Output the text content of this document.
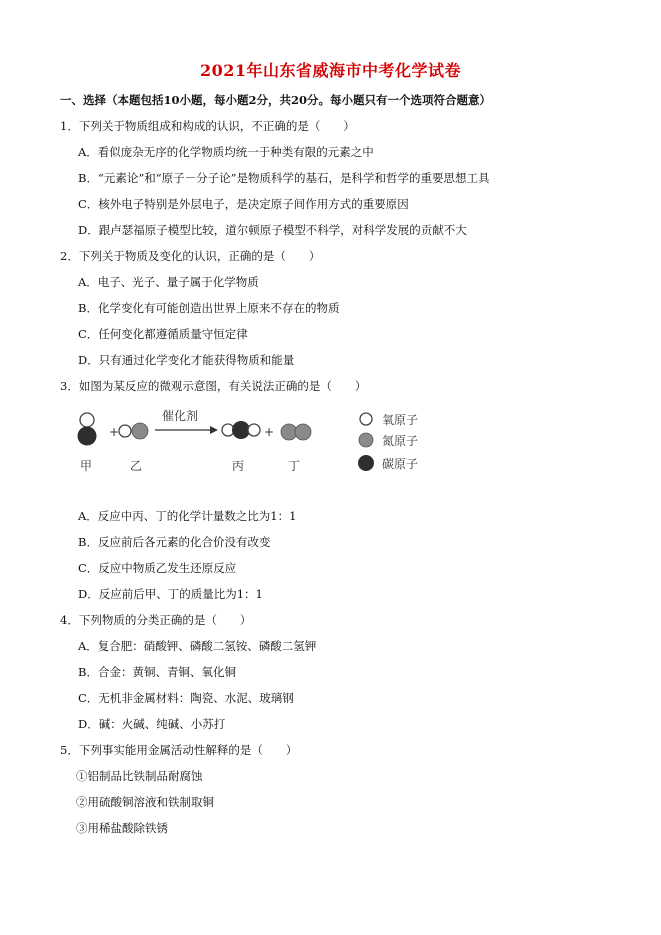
2021年山东省威海市中考化学试卷
一、选择（本题包括10小题，每小题2分，共20分。每小题只有一个选项符合题意）
1．下列关于物质组成和构成的认识，不正确的是（　　）
A．看似庞杂无序的化学物质均统一于种类有限的元素之中
B．“元素论”和“原子－分子论”是物质科学的基石，是科学和哲学的重要思想工具
C．核外电子特别是外层电子，是决定原子间作用方式的重要原因
D．跟卢瑟福原子模型比较，道尔顿原子模型不科学，对科学发展的贡献不大
2．下列关于物质及变化的认识，正确的是（　　）
A．电子、光子、量子属于化学物质
B．化学变化有可能创造出世界上原来不存在的物质
C．任何变化都遵循质量守恒定律
D．只有通过化学变化才能获得物质和能量
3．如图为某反应的微观示意图，有关说法正确的是（　　）
+
催化剂
+
甲	乙	丙	丁
氧原子
氮原子
碳原子
A．反应中丙、丁的化学计量数之比为1：1
B．反应前后各元素的化合价没有改变
C．反应中物质乙发生还原反应
D．反应前后甲、丁的质量比为1：1
4．下列物质的分类正确的是（　　）
A．复合肥：硝酸钾、磷酸二氢铵、磷酸二氢钾
B．合金：黄铜、青铜、氧化铜
C．无机非金属材料：陶瓷、水泥、玻璃钢
D．碱：火碱、纯碱、小苏打
5．下列事实能用金属活动性解释的是（　　）
①铝制品比铁制品耐腐蚀
②用硫酸铜溶液和铁制取铜
③用稀盐酸除铁锈
